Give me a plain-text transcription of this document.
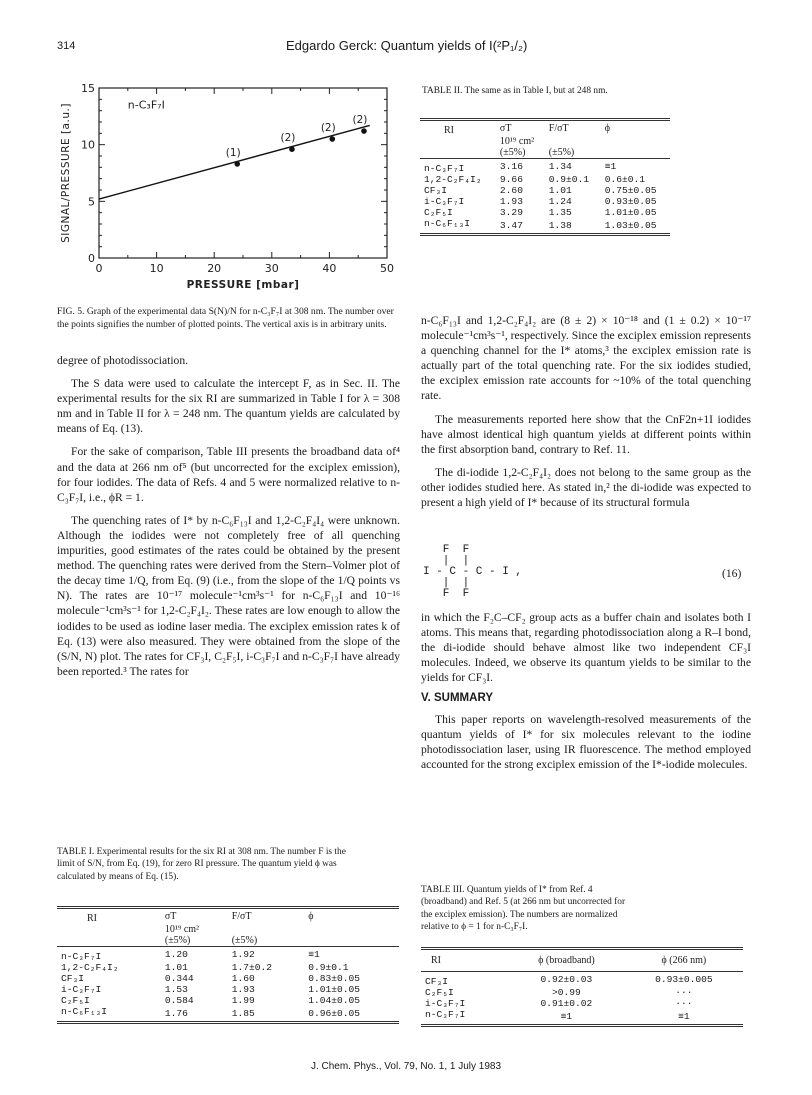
314	Edgardo Gerck: Quantum yields of I(²P₁/₂)
0	10	20	30	40	50
0
5
10
15
PRESSURE [mbar]
SIGNAL/PRESSURE [a.u.]	n-C₃F₇I
(1)
(2)
(2)
(2)
FIG. 5. Graph of the experimental data S(N)/N for n-C₃F₇I at 308 nm. The number over the points signifies the number of plotted points. The vertical axis is in arbitrary units.

degree of photodissociation.

The S data were used to calculate the intercept F, as in Sec. II. The experimental results for the six RI are summarized in Table I for λ = 308 nm and in Table II for λ = 248 nm. The quantum yields are calculated by means of Eq. (13).

For the sake of comparison, Table III presents the broadband data of⁴ and the data at 266 nm of⁵ (but uncorrected for the exciplex emission), for four iodides. The data of Refs. 4 and 5 were normalized relative to n-C₃F₇I, i.e., ϕR = 1.

The quenching rates of I* by n-C₆F₁₃I and 1,2-C₂F₄I₄ were unknown. Although the iodides were not completely free of all quenching impurities, good estimates of the rates could be obtained by the present method. The quenching rates were derived from the Stern–Volmer plot of the decay time 1/Q, from Eq. (9) (i.e., from the slope of the 1/Q points vs N). The rates are 10⁻¹⁷ molecule⁻¹cm³s⁻¹ for n-C₆F₁₃I and 10⁻¹⁶ molecule⁻¹cm³s⁻¹ for 1,2-C₂F₄I₂. These rates are low enough to allow the iodides to be used as iodine laser media. The exciplex emission rates k of Eq. (13) were also measured. They were obtained from the slope of the (S/N, N) plot. The rates for CF₃I, C₂F₅I, i-C₃F₇I and n-C₃F₇I have already been reported.³ The rates for

TABLE I. Experimental results for the six RI at 308 nm. The number F is the limit of S/N, from Eq. (19), for zero RI pressure. The quantum yield ϕ was calculated by means of Eq. (15).
RI	σT	F/σT	ϕ
	10¹⁹ cm²		
	(±5%)	(±5%)	
n-C₃F₇I	1.20	1.92	≡1
1,2-C₂F₄I₂	1.01	1.7±0.2	0.9±0.1
CF₃I	0.344	1.60	0.83±0.05
i-C₃F₇I	1.53	1.93	1.01±0.05
C₂F₅I	0.584	1.99	1.04±0.05
n-C₆F₁₃I	1.76	1.85	0.96±0.05
TABLE II. The same as in Table I, but at 248 nm.
RI	σT	F/σT	ϕ
	10¹⁹ cm²		
	(±5%)	(±5%)	
n-C₃F₇I	3.16	1.34	≡1
1,2-C₂F₄I₂	9.66	0.9±0.1	0.6±0.1
CF₃I	2.60	1.01	0.75±0.05
i-C₃F₇I	1.93	1.24	0.93±0.05
C₂F₅I	3.29	1.35	1.01±0.05
n-C₆F₁₃I	3.47	1.38	1.03±0.05

n-C₆F₁₃I and 1,2-C₂F₄I₂ are (8 ± 2) × 10⁻¹⁸ and (1 ± 0.2) × 10⁻¹⁷ molecule⁻¹cm³s⁻¹, respectively. Since the exciplex emission represents a quenching channel for the I* atoms,³ the exciplex emission rate is actually part of the total quenching rate. For the six iodides studied, the exciplex emission rate accounts for ~10% of the total quenching rate.

The measurements reported here show that the CnF2n+1I iodides have almost identical high quantum yields at different points within the first absorption band, contrary to Ref. 11.

The di-iodide 1,2-C₂F₄I₂ does not belong to the same group as the other iodides studied here. As stated in,² the di-iodide was expected to present a high yield of I* because of its structural formula

F  F
|  |
I - C - C - I ,
|  |
F  F
(16)

in which the F₂C–CF₂ group acts as a buffer chain and isolates both I atoms. This means that, regarding photodissociation along a R–I bond, the di-iodide should behave almost like two independent CF₃I molecules. Indeed, we observe its quantum yields to be similar to the yields for CF₃I.

V. SUMMARY

This paper reports on wavelength-resolved measurements of the quantum yields of I* for six molecules relevant to the iodine photodissociation laser, using IR fluorescence. The method employed accounted for the strong exciplex emission of the I*-iodide molecules.

TABLE III. Quantum yields of I* from Ref. 4 (broadband) and Ref. 5 (at 266 nm but uncorrected for the exciplex emission). The numbers are normalized relative to ϕ = 1 for n-C₃F₇I.
RI	ϕ (broadband)	ϕ (266 nm)
CF₃I	0.92±0.03	0.93±0.005
C₂F₅I	>0.99	···
i-C₃F₇I	0.91±0.02	···
n-C₃F₇I	≡1	≡1
J. Chem. Phys., Vol. 79, No. 1, 1 July 1983
